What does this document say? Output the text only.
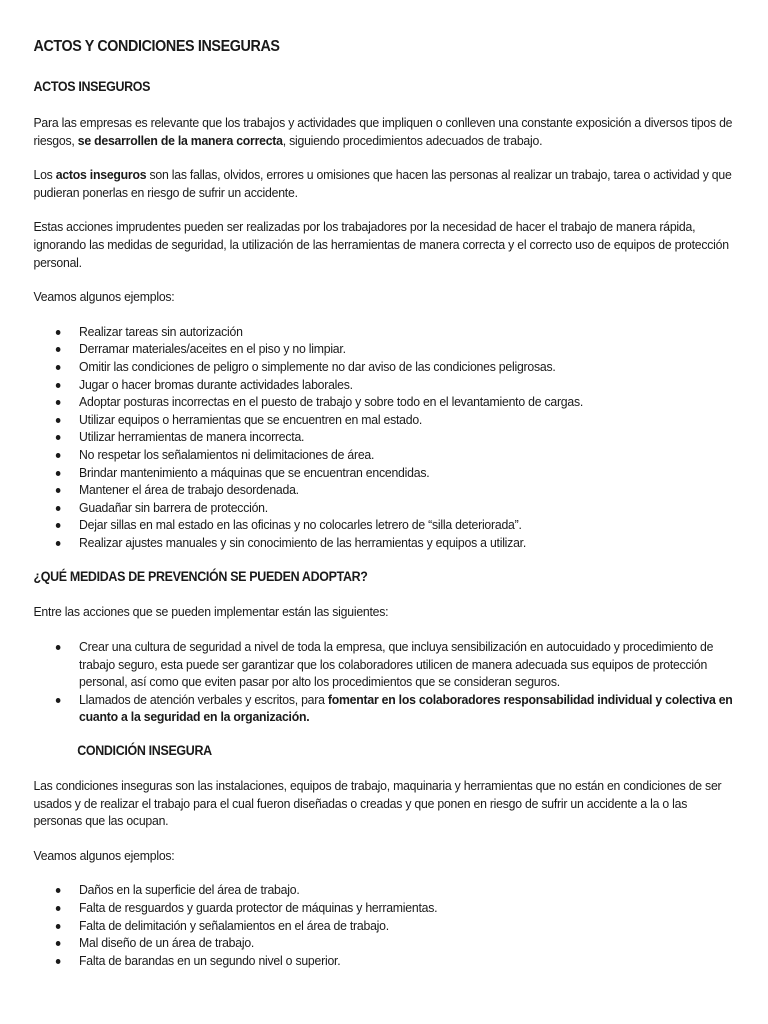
ACTOS Y CONDICIONES INSEGURAS
ACTOS INSEGUROS

Para las empresas es relevante que los trabajos y actividades que impliquen o conlleven una constante exposición a diversos tipos de riesgos, se desarrollen de la manera correcta, siguiendo procedimientos adecuados de trabajo.

Los actos inseguros son las fallas, olvidos, errores u omisiones que hacen las personas al realizar un trabajo, tarea o actividad y que pudieran ponerlas en riesgo de sufrir un accidente.

Estas acciones imprudentes pueden ser realizadas por los trabajadores por la necesidad de hacer el trabajo de manera rápida, ignorando las medidas de seguridad, la utilización de las herramientas de manera correcta y el correcto uso de equipos de protección personal.

Veamos algunos ejemplos:

Realizar tareas sin autorización
Derramar materiales/aceites en el piso y no limpiar.
Omitir las condiciones de peligro o simplemente no dar aviso de las condiciones peligrosas.
Jugar o hacer bromas durante actividades laborales.
Adoptar posturas incorrectas en el puesto de trabajo y sobre todo en el levantamiento de cargas.
Utilizar equipos o herramientas que se encuentren en mal estado.
Utilizar herramientas de manera incorrecta.
No respetar los señalamientos ni delimitaciones de área.
Brindar mantenimiento a máquinas que se encuentran encendidas.
Mantener el área de trabajo desordenada.
Guadañar sin barrera de protección.
Dejar sillas en mal estado en las oficinas y no colocarles letrero de “silla deteriorada”.
Realizar ajustes manuales y sin conocimiento de las herramientas y equipos a utilizar.
¿QUÉ MEDIDAS DE PREVENCIÓN SE PUEDEN ADOPTAR?

Entre las acciones que se pueden implementar están las siguientes:

Crear una cultura de seguridad a nivel de toda la empresa, que incluya sensibilización en autocuidado y procedimiento de trabajo seguro, esta puede ser garantizar que los colaboradores utilicen de manera adecuada sus equipos de protección personal, así como que eviten pasar por alto los procedimientos que se consideran seguros.
Llamados de atención verbales y escritos, para fomentar en los colaboradores responsabilidad individual y colectiva en cuanto a la seguridad en la organización.
CONDICIÓN INSEGURA

Las condiciones inseguras son las instalaciones, equipos de trabajo, maquinaria y herramientas que no están en condiciones de ser usados y de realizar el trabajo para el cual fueron diseñadas o creadas y que ponen en riesgo de sufrir un accidente a la o las personas que las ocupan.

Veamos algunos ejemplos:

Daños en la superficie del área de trabajo.
Falta de resguardos y guarda protector de máquinas y herramientas.
Falta de delimitación y señalamientos en el área de trabajo.
Mal diseño de un área de trabajo.
Falta de barandas en un segundo nivel o superior.
